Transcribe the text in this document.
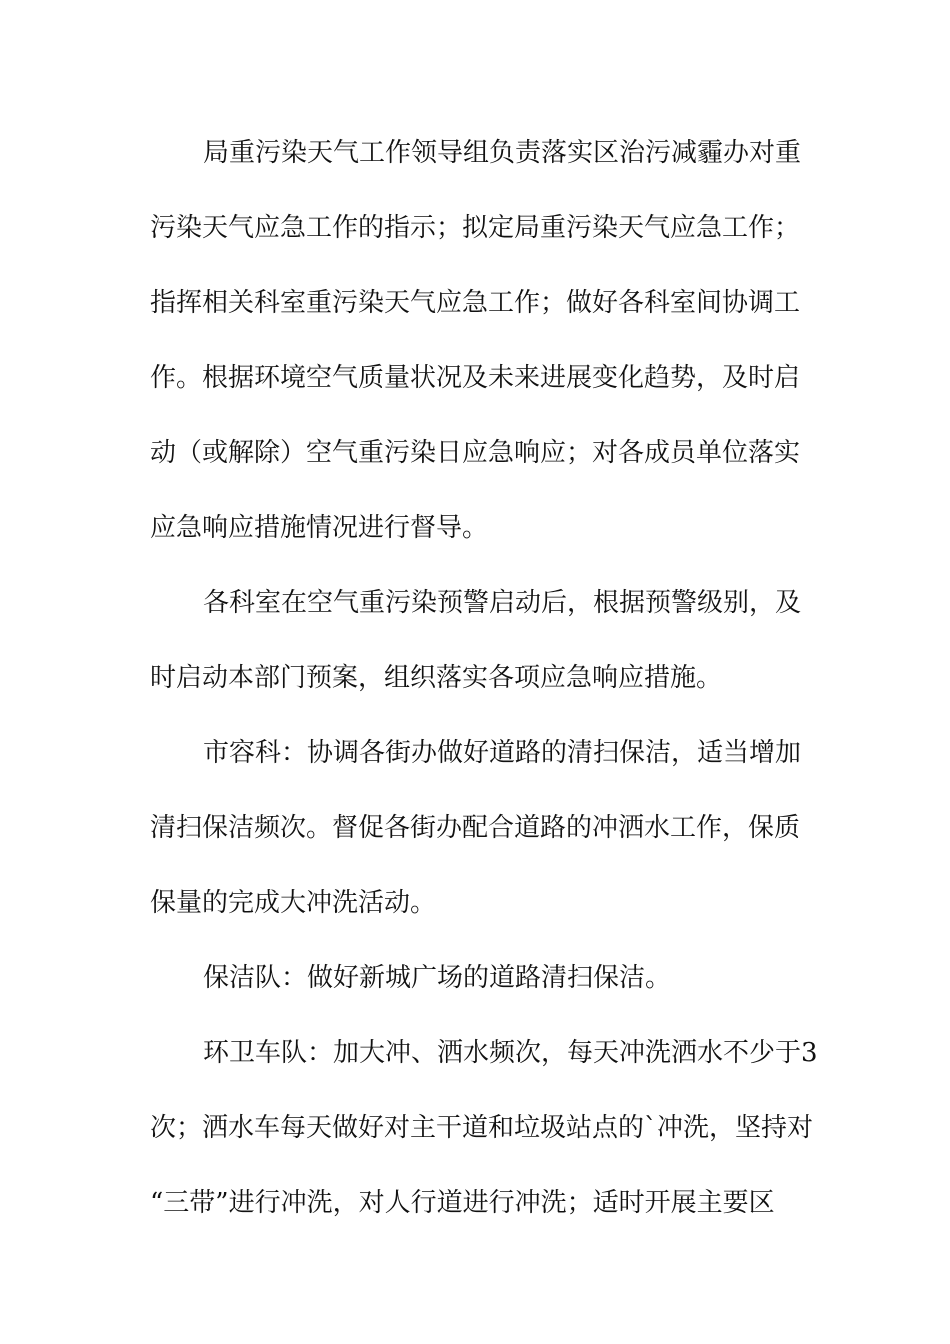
局重污染天气工作领导组负责落实区治污减霾办对重
污染天气应急工作的指示；拟定局重污染天气应急工作；
指挥相关科室重污染天气应急工作；做好各科室间协调工
作。根据环境空气质量状况及未来进展变化趋势，及时启
动（或解除）空气重污染日应急响应；对各成员单位落实
应急响应措施情况进行督导。
各科室在空气重污染预警启动后，根据预警级别，及
时启动本部门预案，组织落实各项应急响应措施。
市容科：协调各街办做好道路的清扫保洁，适当增加
清扫保洁频次。督促各街办配合道路的冲洒水工作，保质
保量的完成大冲洗活动。
保洁队：做好新城广场的道路清扫保洁。
环卫车队：加大冲、洒水频次，每天冲洗洒水不少于3
次；洒水车每天做好对主干道和垃圾站点的`冲洗，坚持对
“三带”进行冲洗，对人行道进行冲洗；适时开展主要区
